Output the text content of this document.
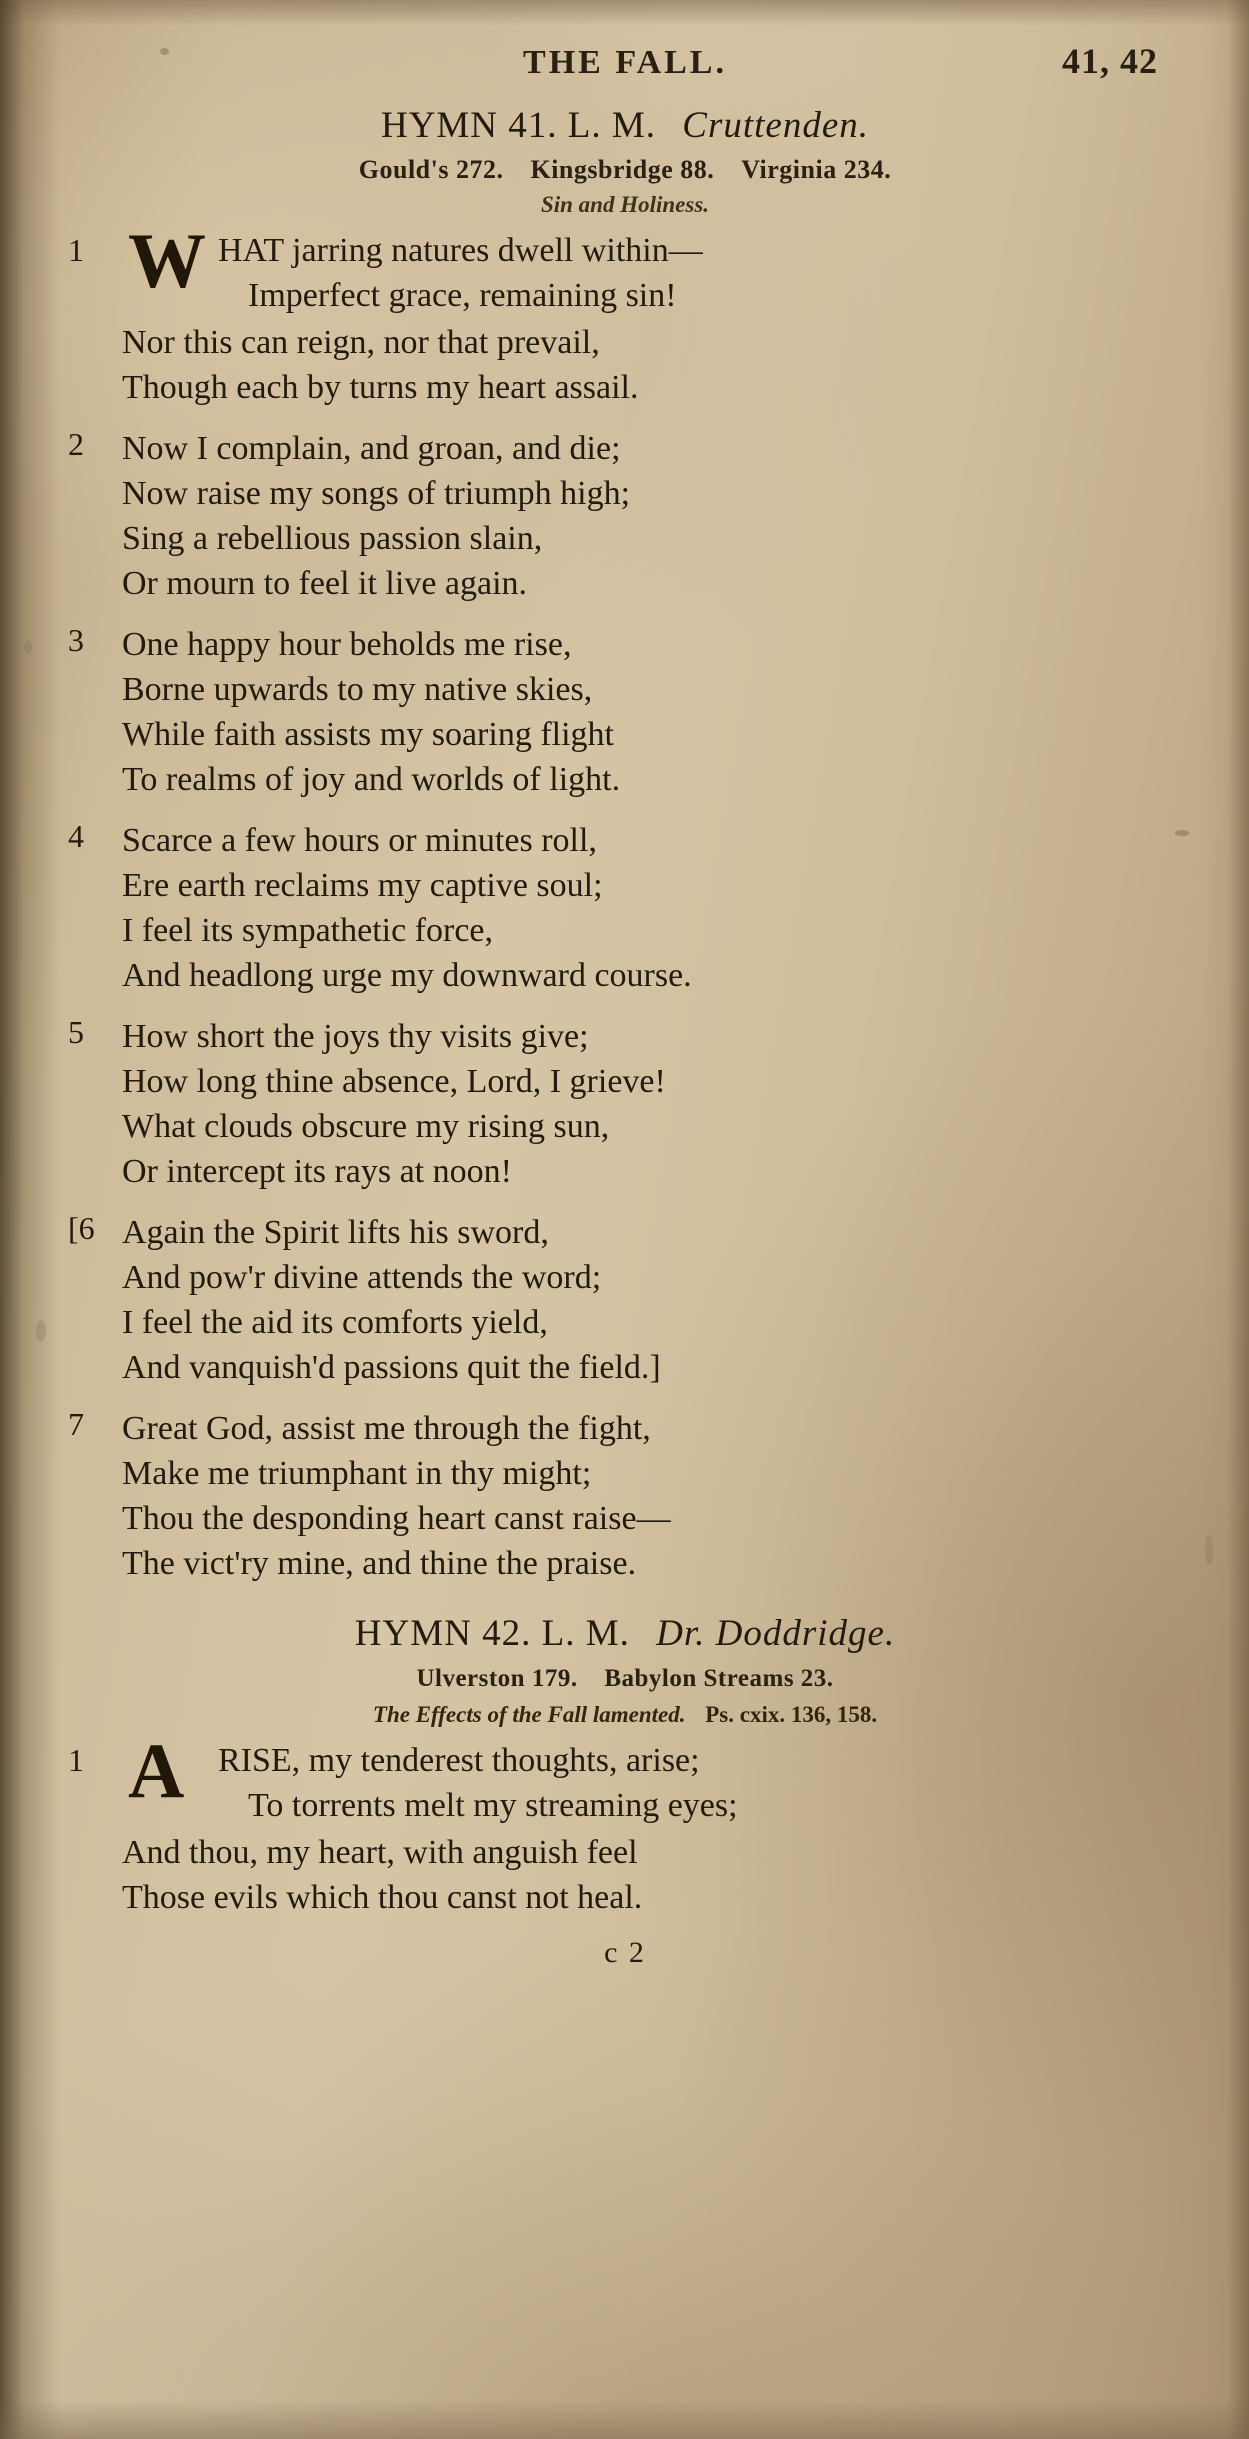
THE FALL.	41, 42
HYMN 41. L. M. Cruttenden.
Gould's 272. Kingsbridge 88. Virginia 234.
Sin and Holiness.
1 W HAT jarring natures dwell within—
Imperfect grace, remaining sin!
Nor this can reign, nor that prevail,
Though each by turns my heart assail.
2 Now I complain, and groan, and die;
Now raise my songs of triumph high;
Sing a rebellious passion slain,
Or mourn to feel it live again.
3 One happy hour beholds me rise,
Borne upwards to my native skies,
While faith assists my soaring flight
To realms of joy and worlds of light.
4 Scarce a few hours or minutes roll,
Ere earth reclaims my captive soul;
I feel its sympathetic force,
And headlong urge my downward course.
5 How short the joys thy visits give;
How long thine absence, Lord, I grieve!
What clouds obscure my rising sun,
Or intercept its rays at noon!
[6 Again the Spirit lifts his sword,
And pow'r divine attends the word;
I feel the aid its comforts yield,
And vanquish'd passions quit the field.]
7 Great God, assist me through the fight,
Make me triumphant in thy might;
Thou the desponding heart canst raise—
The vict'ry mine, and thine the praise.
HYMN 42. L. M. Dr. Doddridge.
Ulverston 179. Babylon Streams 23.
The Effects of the Fall lamented. Ps. cxix. 136, 158.
1 A RISE, my tenderest thoughts, arise;
To torrents melt my streaming eyes;
And thou, my heart, with anguish feel
Those evils which thou canst not heal.
c 2
